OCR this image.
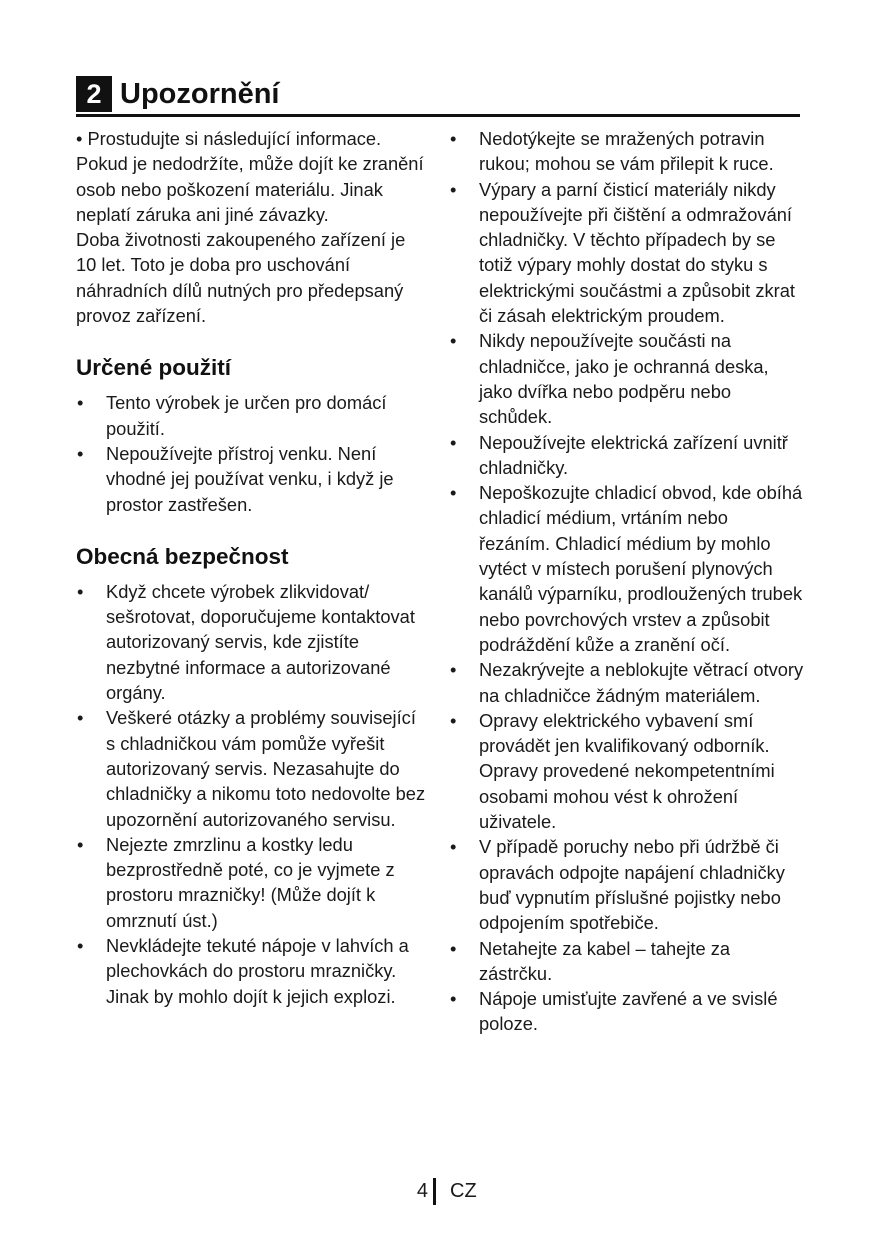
2 Upozornění

• Prostudujte si následující informace. Pokud je nedodržíte, může dojít ke zranění osob nebo poškození materiálu. Jinak neplatí záruka ani jiné závazky.

Doba životnosti zakoupeného zařízení je 10 let. Toto je doba pro uschování náhradních dílů nutných pro předepsaný provoz zařízení.

Určené použití
• Tento výrobek je určen pro domácí použití.
• Nepoužívejte přístroj venku. Není vhodné jej používat venku, i když je prostor zastřešen.
Obecná bezpečnost
• Když chcete výrobek zlikvidovat/ sešrotovat, doporučujeme kontaktovat autorizovaný servis, kde zjistíte nezbytné informace a autorizované orgány.
• Veškeré otázky a problémy související s chladničkou vám pomůže vyřešit autorizovaný servis. Nezasahujte do chladničky a nikomu toto nedovolte bez upozornění autorizovaného servisu.
• Nejezte zmrzlinu a kostky ledu bezprostředně poté, co je vyjmete z prostoru mrazničky! (Může dojít k omrznutí úst.)
• Nevkládejte tekuté nápoje v lahvích a plechovkách do prostoru mrazničky. Jinak by mohlo dojít k jejich explozi.
• Nedotýkejte se mražených potravin rukou; mohou se vám přilepit k ruce.
• Výpary a parní čisticí materiály nikdy nepoužívejte při čištění a odmražování chladničky. V těchto případech by se totiž výpary mohly dostat do styku s elektrickými součástmi a způsobit zkrat či zásah elektrickým proudem.
• Nikdy nepoužívejte součásti na chladničce, jako je ochranná deska, jako dvířka nebo podpěru nebo schůdek.
• Nepoužívejte elektrická zařízení uvnitř chladničky.
• Nepoškozujte chladicí obvod, kde obíhá chladicí médium, vrtáním nebo řezáním. Chladicí médium by mohlo vytéct v místech porušení plynových kanálů výparníku, prodloužených trubek nebo povrchových vrstev a způsobit podráždění kůže a zranění očí.
• Nezakrývejte a neblokujte větrací otvory na chladničce žádným materiálem.
• Opravy elektrického vybavení smí provádět jen kvalifikovaný odborník. Opravy provedené nekompetentními osobami mohou vést k ohrožení uživatele.
• V případě poruchy nebo při údržbě či opravách odpojte napájení chladničky buď vypnutím příslušné pojistky nebo odpojením spotřebiče.
• Netahejte za kabel – tahejte za zástrčku.
• Nápoje umisťujte zavřené a ve svislé poloze.
4 CZ
